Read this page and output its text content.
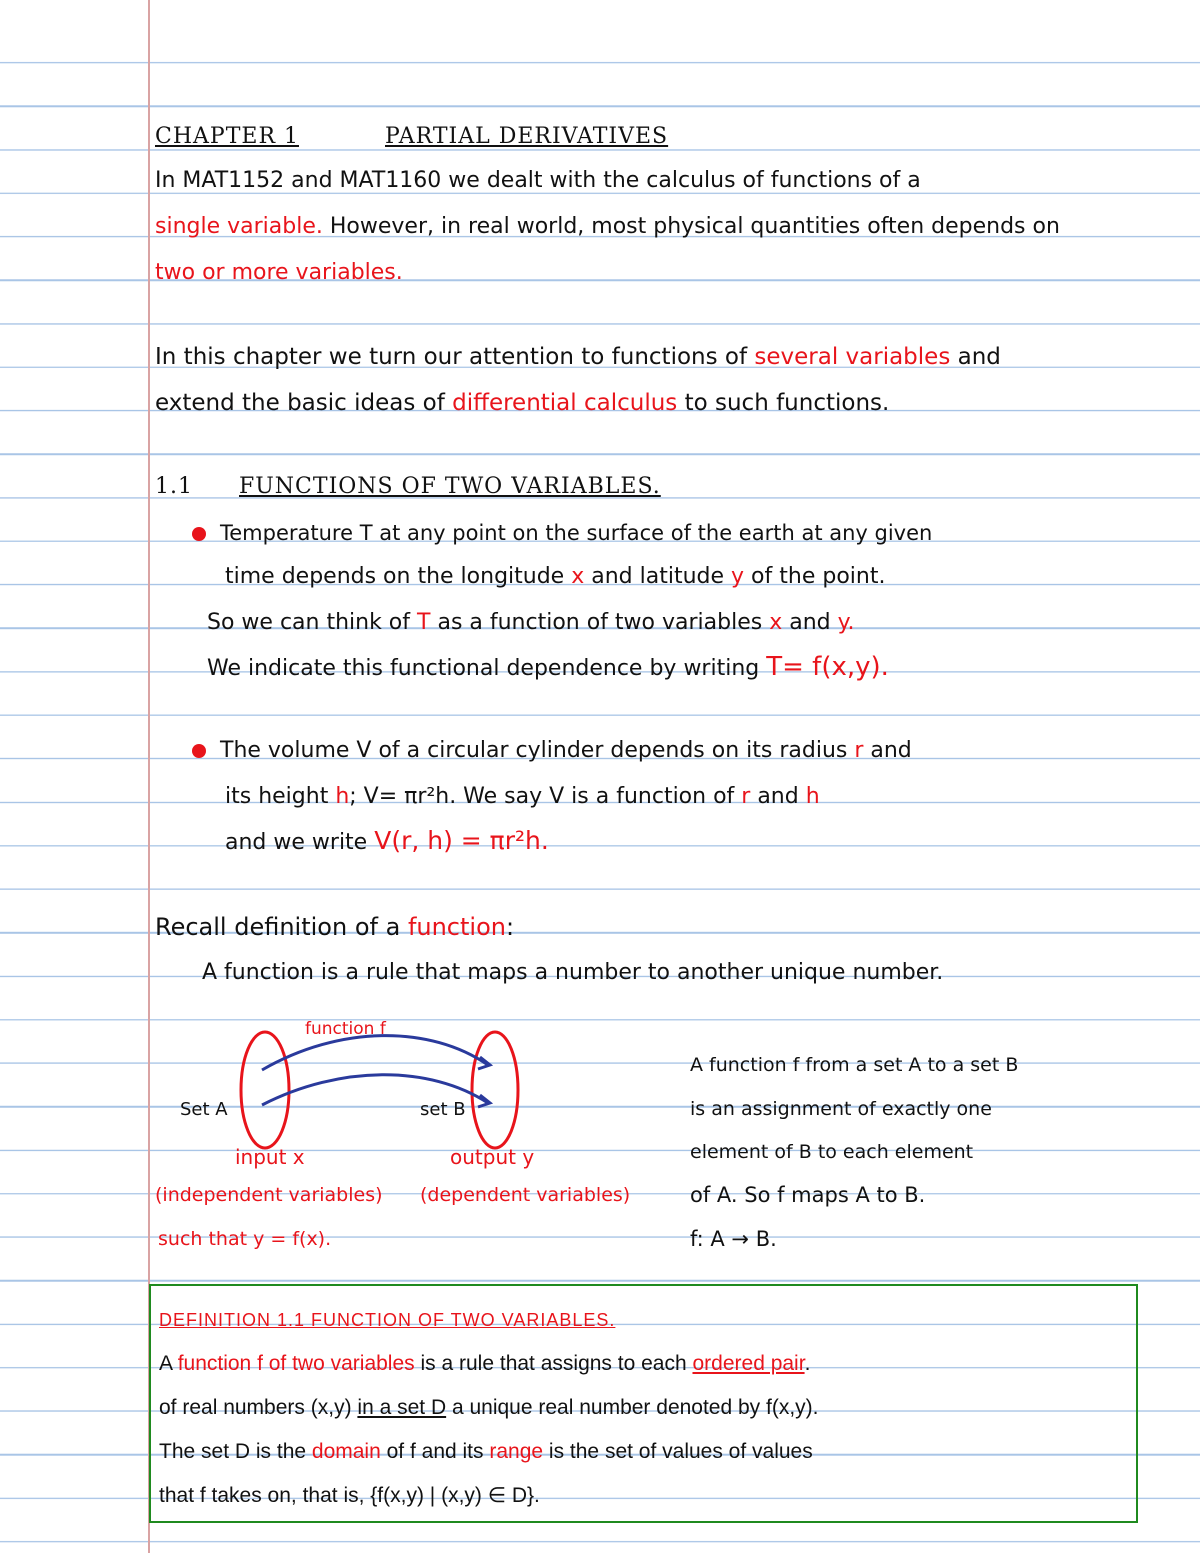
CHAPTER 1	PARTIAL DERIVATIVES
In MAT1152 and MAT1160 we dealt with the calculus of functions of a
single variable. However, in real world, most physical quantities often depends on
two or more variables.
In this chapter we turn our attention to functions of several variables and
extend the basic ideas of differential calculus to such functions.
1.1 FUNCTIONS OF TWO VARIABLES.
Temperature T at any point on the surface of the earth at any given
time depends on the longitude x and latitude y of the point.
So we can think of T as a function of two variables x and y.
We indicate this functional dependence by writing T= f(x,y).
The volume V of a circular cylinder depends on its radius r and
its height h; V= πr²h. We say V is a function of r and h
and we write V(r, h) = πr²h.
Recall definition of a function:
A function is a rule that maps a number to another unique number.
function f
Set A	set B
input x	output y
(independent variables) (dependent variables)
such that y = f(x).
A function f from a set A to a set B
is an assignment of exactly one
element of B to each element
of A. So f maps A to B.
f: A → B.
DEFINITION 1.1 FUNCTION OF TWO VARIABLES.
A function f of two variables is a rule that assigns to each ordered pair.
of real numbers (x,y) in a set D a unique real number denoted by f(x,y).
The set D is the domain of f and its range is the set of values of values
that f takes on, that is, {f(x,y) | (x,y) ∈ D}.
